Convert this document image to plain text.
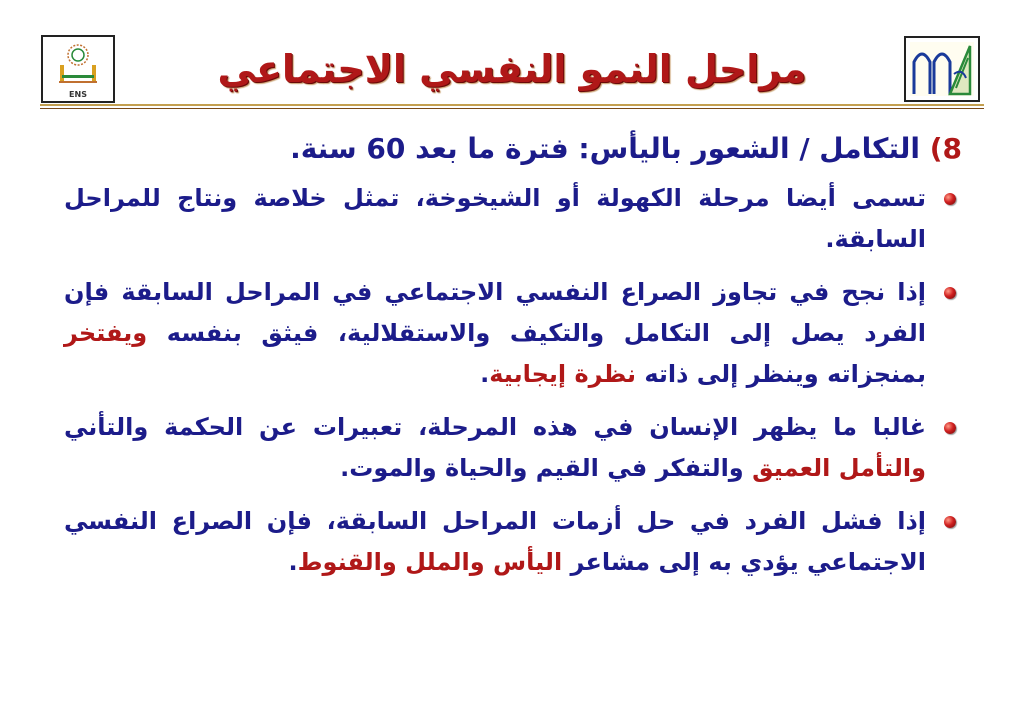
ENS
مراحل النمو النفسي الاجتماعي
8) التكامل / الشعور باليأس: فترة ما بعد 60 سنة.
تسمى أيضا مرحلة الكهولة أو الشيخوخة، تمثل خلاصة ونتاج للمراحل السابقة.
إذا نجح في تجاوز الصراع النفسي الاجتماعي في المراحل السابقة فإن الفرد يصل إلى التكامل والتكيف والاستقلالية، فيثق بنفسه ويفتخر بمنجزاته وينظر إلى ذاته نظرة إيجابية.
غالبا ما يظهر الإنسان في هذه المرحلة، تعبيرات عن الحكمة والتأني والتأمل العميق والتفكر في القيم والحياة والموت.
إذا فشل الفرد في حل أزمات المراحل السابقة، فإن الصراع النفسي الاجتماعي يؤدي به إلى مشاعر اليأس والملل والقنوط.
